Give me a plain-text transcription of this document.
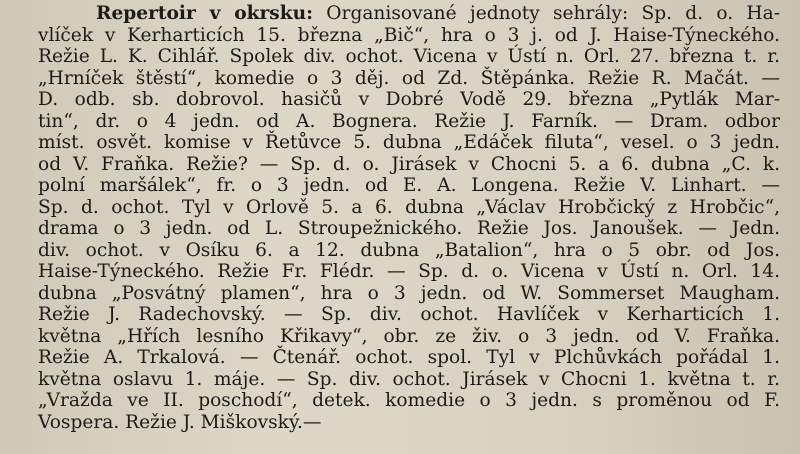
Repertoir v okrsku: Organisované jednoty sehrály: Sp. d. o. Ha-
vlíček v Kerharticích 15. března „Bič“, hra o 3 j. od J. Haise-Týneckého.
Režie L. K. Cihlář. Spolek div. ochot. Vicena v Ústí n. Orl. 27. března t. r.
„Hrníček štěstí“, komedie o 3 děj. od Zd. Štěpánka. Režie R. Mačát. —
D. odb. sb. dobrovol. hasičů v Dobré Vodě 29. března „Pytlák Mar-
tin“, dr. o 4 jedn. od A. Bognera. Režie J. Farník. — Dram. odbor
míst. osvět. komise v Řetůvce 5. dubna „Edáček filuta“, vesel. o 3 jedn.
od V. Fraňka. Režie? — Sp. d. o. Jirásek v Chocni 5. a 6. dubna „C. k.
polní maršálek“, fr. o 3 jedn. od E. A. Longena. Režie V. Linhart. —
Sp. d. ochot. Tyl v Orlově 5. a 6. dubna „Václav Hrobčický z Hrobčic“,
drama o 3 jedn. od L. Stroupežnického. Režie Jos. Janoušek. — Jedn.
div. ochot. v Osíku 6. a 12. dubna „Batalion“, hra o 5 obr. od Jos.
Haise-Týneckého. Režie Fr. Flédr. — Sp. d. o. Vicena v Ústí n. Orl. 14.
dubna „Posvátný plamen“, hra o 3 jedn. od W. Sommerset Maugham.
Režie J. Radechovský. — Sp. div. ochot. Havlíček v Kerharticích 1.
května „Hřích lesního Křikavy“, obr. ze živ. o 3 jedn. od V. Fraňka.
Režie A. Trkalová. — Čtenář. ochot. spol. Tyl v Plchůvkách pořádal 1.
května oslavu 1. máje. — Sp. div. ochot. Jirásek v Chocni 1. května t. r.
„Vražda ve II. poschodí“, detek. komedie o 3 jedn. s proměnou od F.
Vospera. Režie J. Miškovský.—
